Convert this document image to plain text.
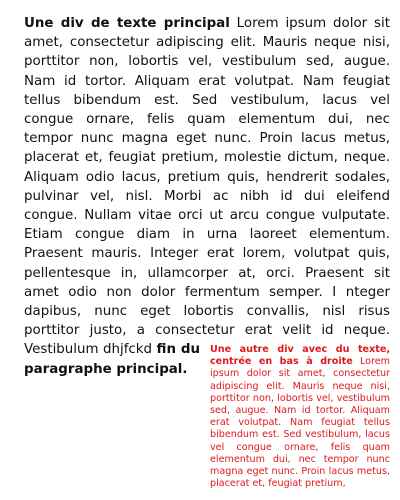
Une autre div avec du texte, centrée en bas à droite Lorem ipsum dolor sit amet, consectetur adipiscing elit. Mauris neque nisi, porttitor non, lobortis vel, vestibulum sed, augue. Nam id tortor. Aliquam erat volutpat. Nam feugiat tellus bibendum est. Sed vestibulum, lacus vel congue ornare, felis quam elementum dui, nec tempor nunc magna eget nunc. Proin lacus metus, placerat et, feugiat pretium,
Une div de texte principal Lorem ipsum dolor sit amet, consectetur adipiscing elit. Mauris neque nisi, porttitor non, lobortis vel, vestibulum sed, augue. Nam id tortor. Aliquam erat volutpat. Nam feugiat tellus bibendum est. Sed vestibulum, lacus vel congue ornare, felis quam elementum dui, nec tempor nunc magna eget nunc. Proin lacus metus, placerat et, feugiat pretium, molestie dictum, neque. Aliquam odio lacus, pretium quis, hendrerit sodales, pulvinar vel, nisl. Morbi ac nibh id dui eleifend congue. Nullam vitae orci ut arcu congue vulputate. Etiam congue diam in urna laoreet elementum. Praesent mauris. Integer erat lorem, volutpat quis, pellentesque in, ullamcorper at, orci. Praesent sit amet odio non dolor fermentum semper. I nteger dapibus, nunc eget lobortis convallis, nisl risus porttitor justo, a consectetur erat velit id neque. Vestibulum dhjfckd fin du paragraphe principal.
